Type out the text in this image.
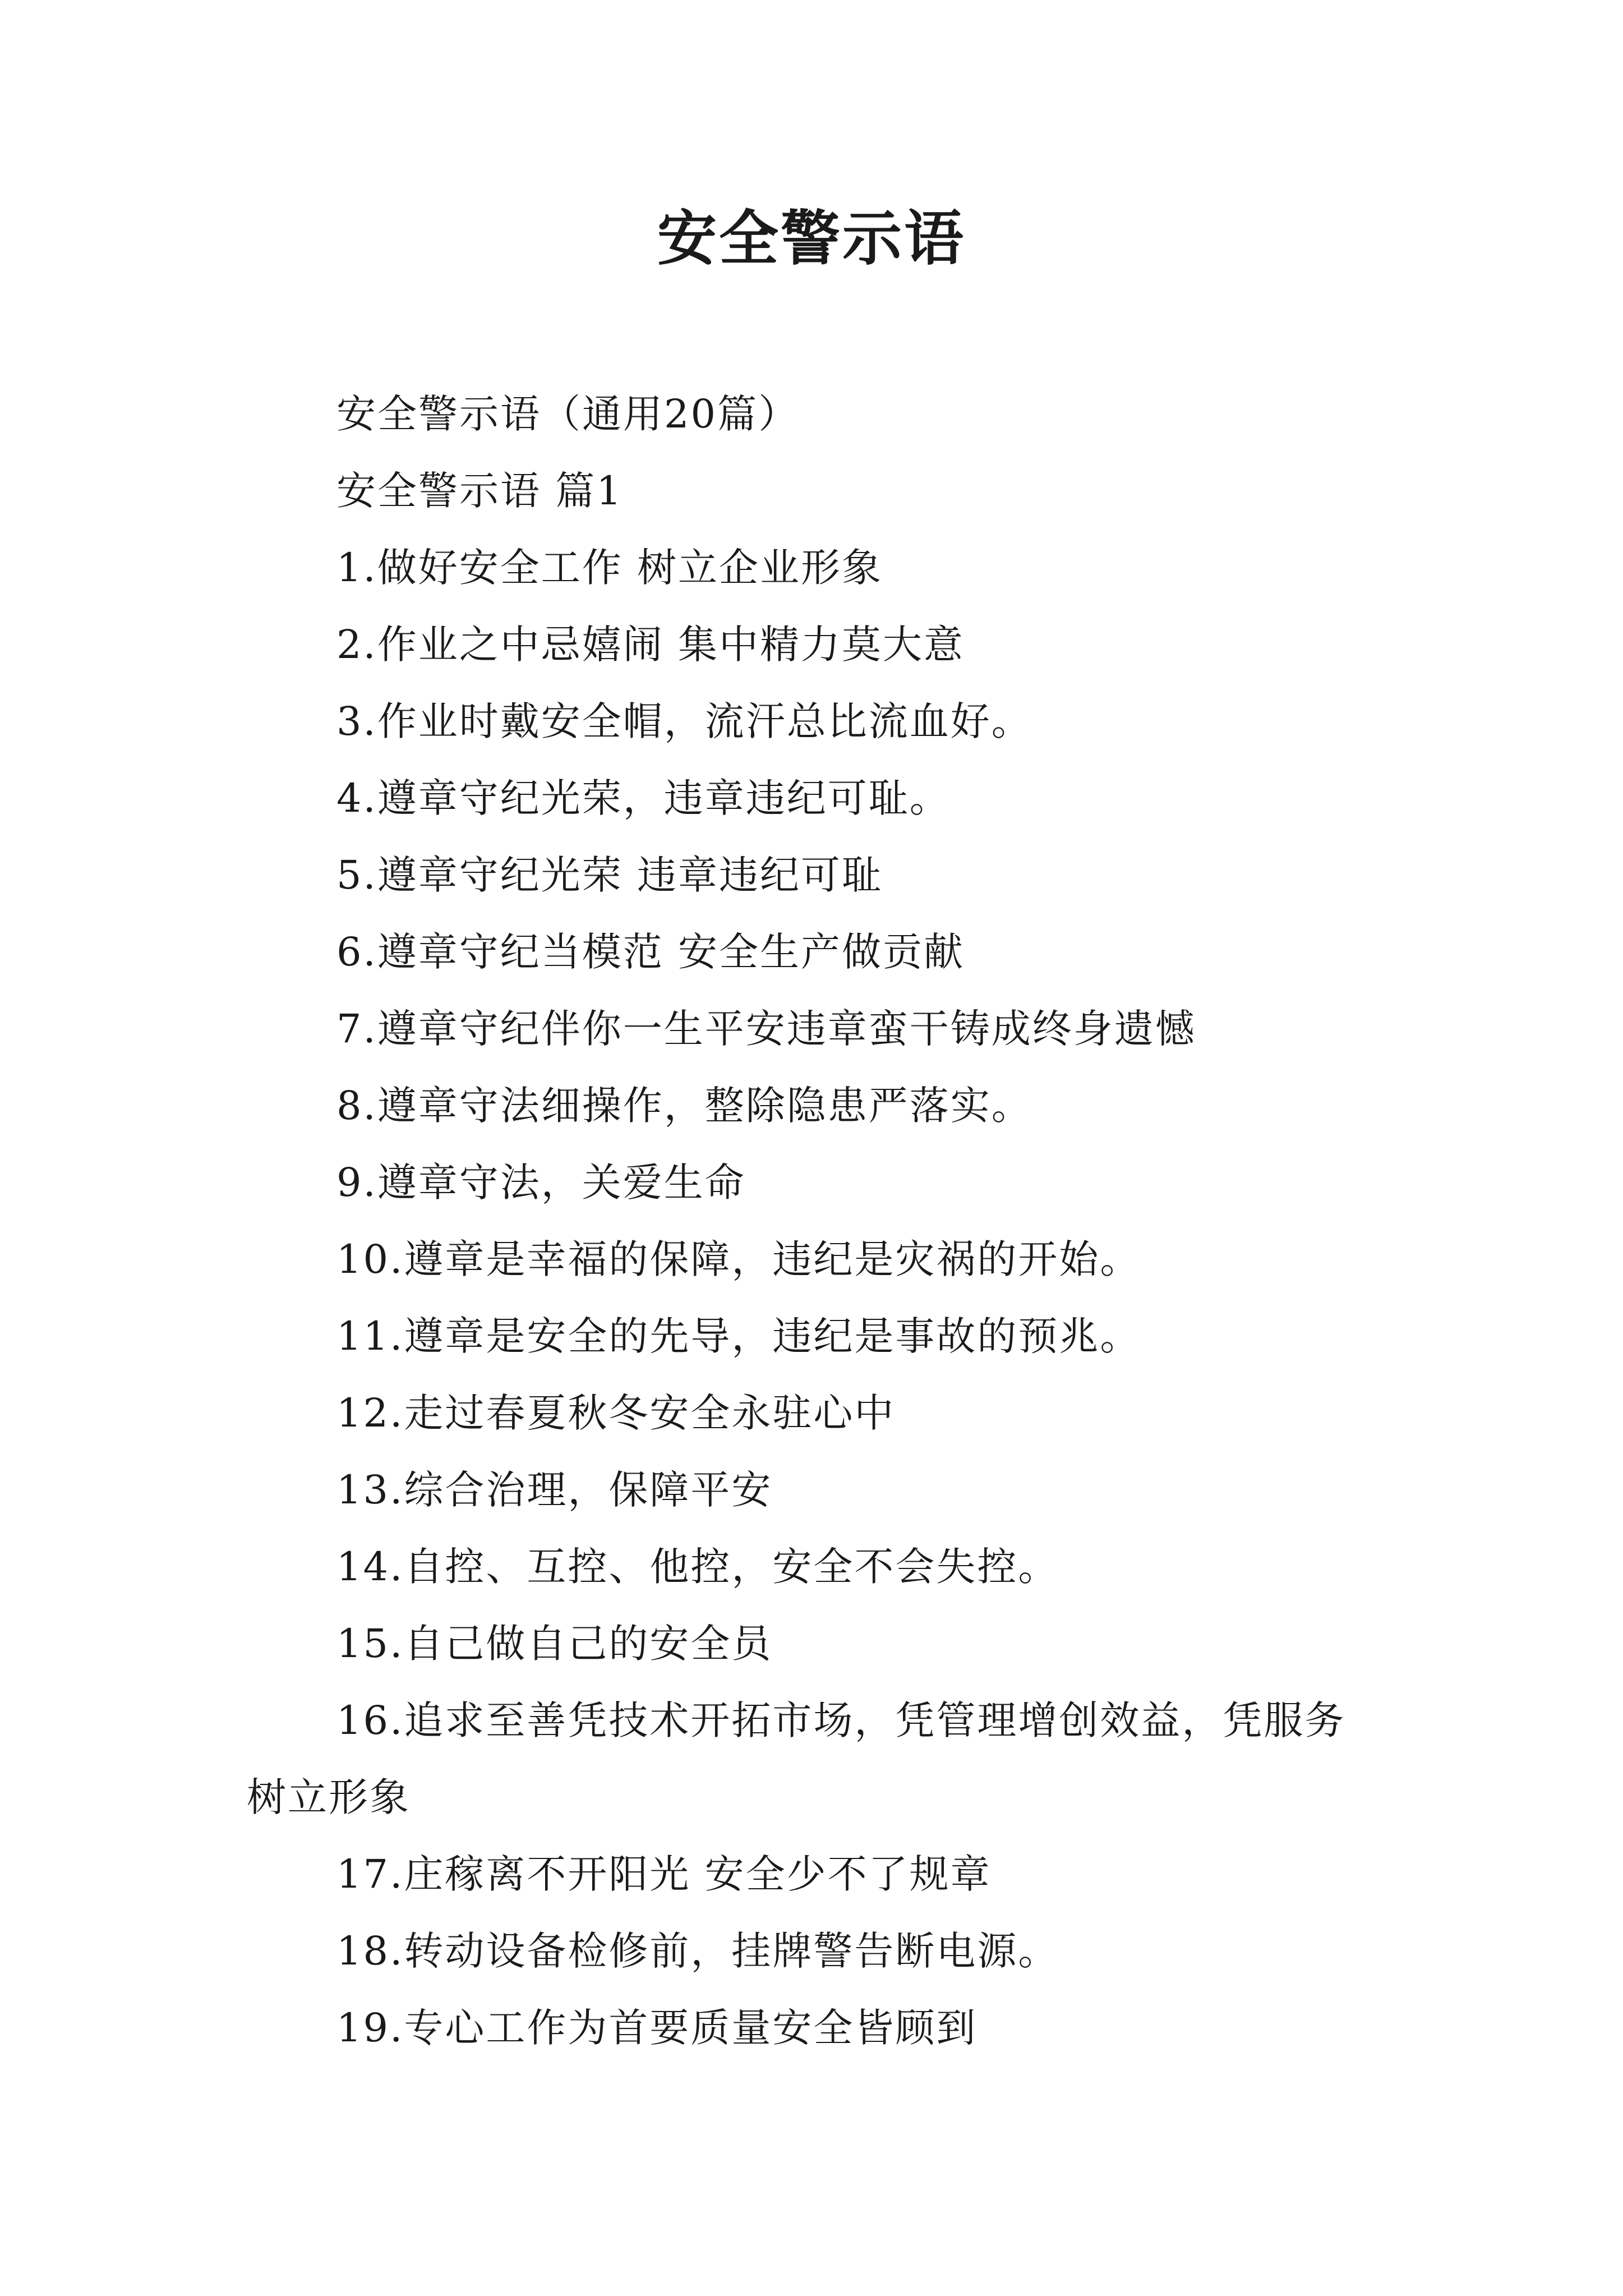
安全警示语

安全警示语（通用20篇）

安全警示语 篇1

1.做好安全工作 树立企业形象

2.作业之中忌嬉闹 集中精力莫大意

3.作业时戴安全帽，流汗总比流血好。

4.遵章守纪光荣，违章违纪可耻。

5.遵章守纪光荣 违章违纪可耻

6.遵章守纪当模范 安全生产做贡献

7.遵章守纪伴你一生平安违章蛮干铸成终身遗憾

8.遵章守法细操作，整除隐患严落实。

9.遵章守法，关爱生命

10.遵章是幸福的保障，违纪是灾祸的开始。

11.遵章是安全的先导，违纪是事故的预兆。

12.走过春夏秋冬安全永驻心中

13.综合治理，保障平安

14.自控、互控、他控，安全不会失控。

15.自己做自己的安全员

16.追求至善凭技术开拓市场，凭管理增创效益，凭服务树立形象

17.庄稼离不开阳光 安全少不了规章

18.转动设备检修前，挂牌警告断电源。

19.专心工作为首要质量安全皆顾到
